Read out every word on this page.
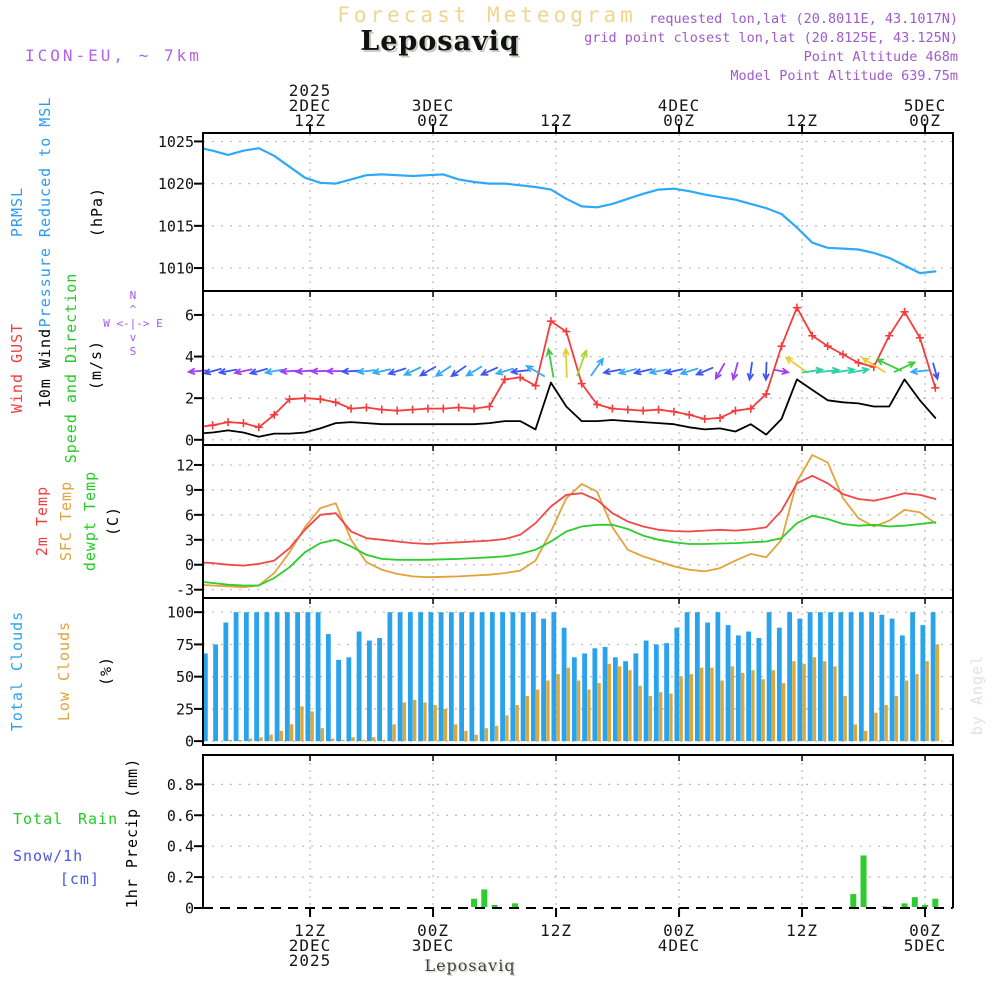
1025
1020
1015
1010
6
4
2
0
12
9
6
3
0
-3
100
75
50
25
0
0.8
0.6
0.4
0.2
0
2025
2DEC
12Z
12Z
2DEC
2025
3DEC
00Z
00Z
3DEC
12Z
12Z
4DEC
00Z
00Z
4DEC
12Z
12Z
5DEC
00Z
00Z
5DEC
Forecast Meteogram
Leposaviq
requested lon,lat (20.8011E, 43.1017N)
grid point closest lon,lat (20.8125E, 43.125N)
Point Altitude 468m
Model Point Altitude 639.75m
ICON-EU, ~ 7km
PRMSL Pressure Reduced to MSL (hPa)
Wind GUST 10m Wind Speed and Direction (m/s)
N
^
W <-|-> E
v
S
2m Temp SFC Temp dewpt Temp (C)
Total Clouds Low Clouds (%)
Total Rain
Snow/1h
[cm] 1hr Precip (mm)
by Angel
Leposaviq
